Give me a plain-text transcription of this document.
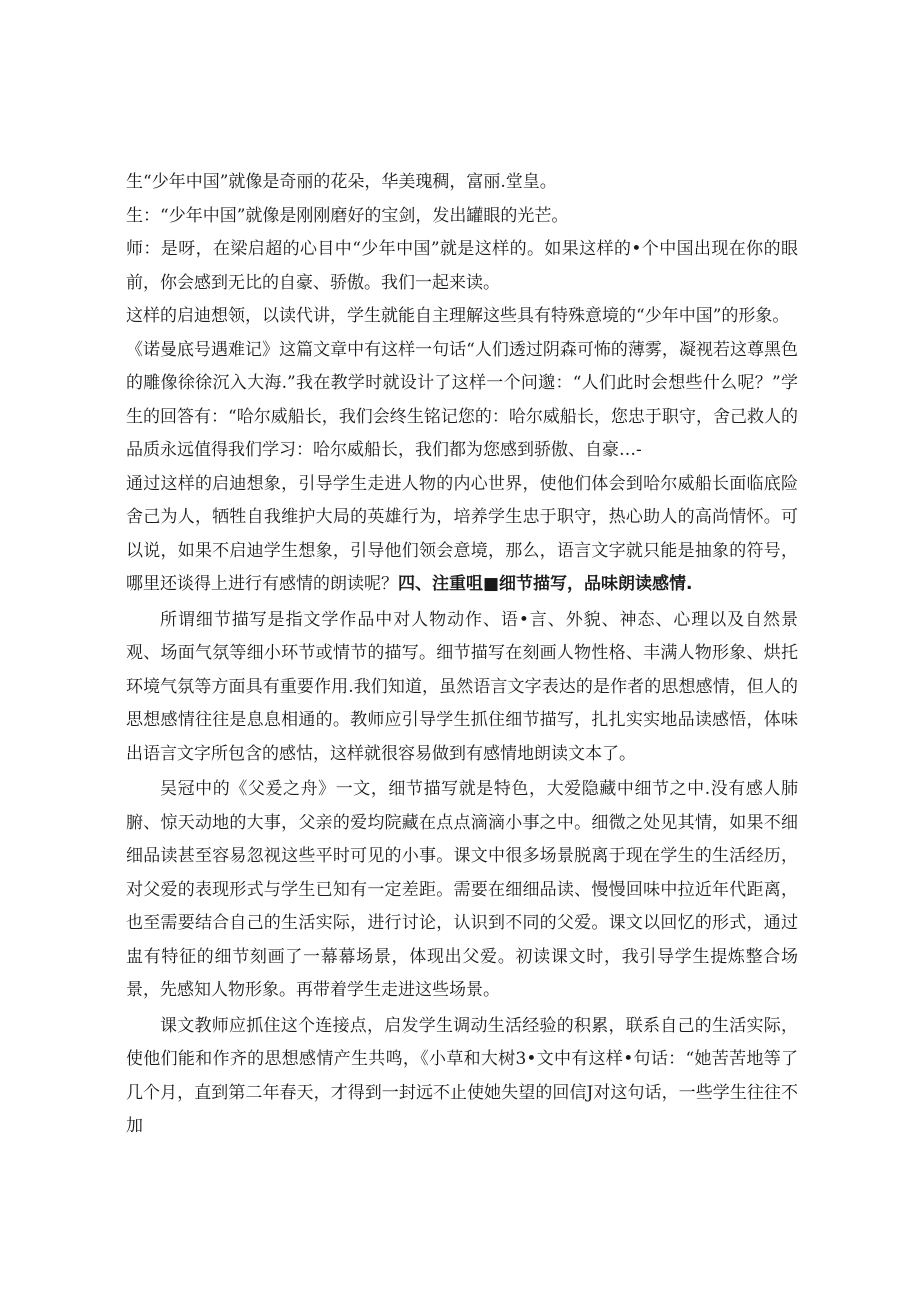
生“少年中国”就像是奇丽的花朵，华美瑰稠，富丽.堂皇。

生：“少年中国”就像是刚刚磨好的宝剑，发出罐眼的光芒。

师：是呀，在梁启超的心目中“少年中国”就是这样的。如果这样的•个中国出现在你的眼前，你会感到无比的自豪、骄傲。我们一起来读。

这样的启迪想领，以读代讲，学生就能自主理解这些具有特殊意境的“少年中国”的形象。

《诺曼底号遇难记》这篇文章中有这样一句话“人们透过阴森可怖的薄雾，凝视若这尊黑色的雕像徐徐沉入大海.”我在教学时就设计了这样一个问邈：“人们此时会想些什么呢？”学生的回答有：“哈尔威船长，我们会终生铭记您的：哈尔威船长，您忠于职守，舍己救人的品质永远值得我们学习：哈尔威船长，我们都为您感到骄傲、自豪…-

通过这样的启迪想象，引导学生走进人物的内心世界，使他们体会到哈尔威船长面临底险舍己为人，牺牲自我维护大局的英雄行为，培养学生忠于职守，热心助人的高尚情怀。可以说，如果不启迪学生想象，引导他们领会意境，那么，语言文字就只能是抽象的符号，哪里还谈得上进行有感情的朗读呢？四、注重咀■细节描写，品味朗读感情.

所谓细节描写是指文学作品中对人物动作、语•言、外貌、神态、心理以及自然景观、场面气氛等细小环节或情节的描写。细节描写在刻画人物性格、丰满人物形象、烘托环境气氛等方面具有重要作用.我们知道，虽然语言文字表达的是作者的思想感情，但人的思想感情往往是息息相通的。教师应引导学生抓住细节描写，扎扎实实地品读感悟，体味出语言文字所包含的感怙，这样就很容易做到有感情地朗读文本了。

吴冠中的《父爰之舟》一文，细节描写就是特色，大爱隐藏中细节之中.没有感人肺腑、惊天动地的大事，父亲的爱均院藏在点点滴滴小事之中。细微之处见其情，如果不细细品读甚至容易忽视这些平时可见的小事。课文中很多场景脱离于现在学生的生活经历，对父爱的表现形式与学生已知有一定差距。需要在细细品读、慢慢回味中拉近年代距离，也至需要结合自己的生活实际，进行讨论，认识到不同的父爱。课文以回忆的形式，通过盅有特征的细节刻画了一幕幕场景，体现出父爱。初读课文时，我引导学生提炼整合场景，先感知人物形象。再带着学生走进这些场景。

课文教师应抓住这个连接点，启发学生调动生活经验的积累，联系自己的生活实际，使他们能和作齐的思想感情产生共鸣，《小草和大树3•文中有这样•句话：“她苦苦地等了几个月，直到第二年春天，才得到一封远不止使她失望的回信J对这句话，一些学生往往不加
